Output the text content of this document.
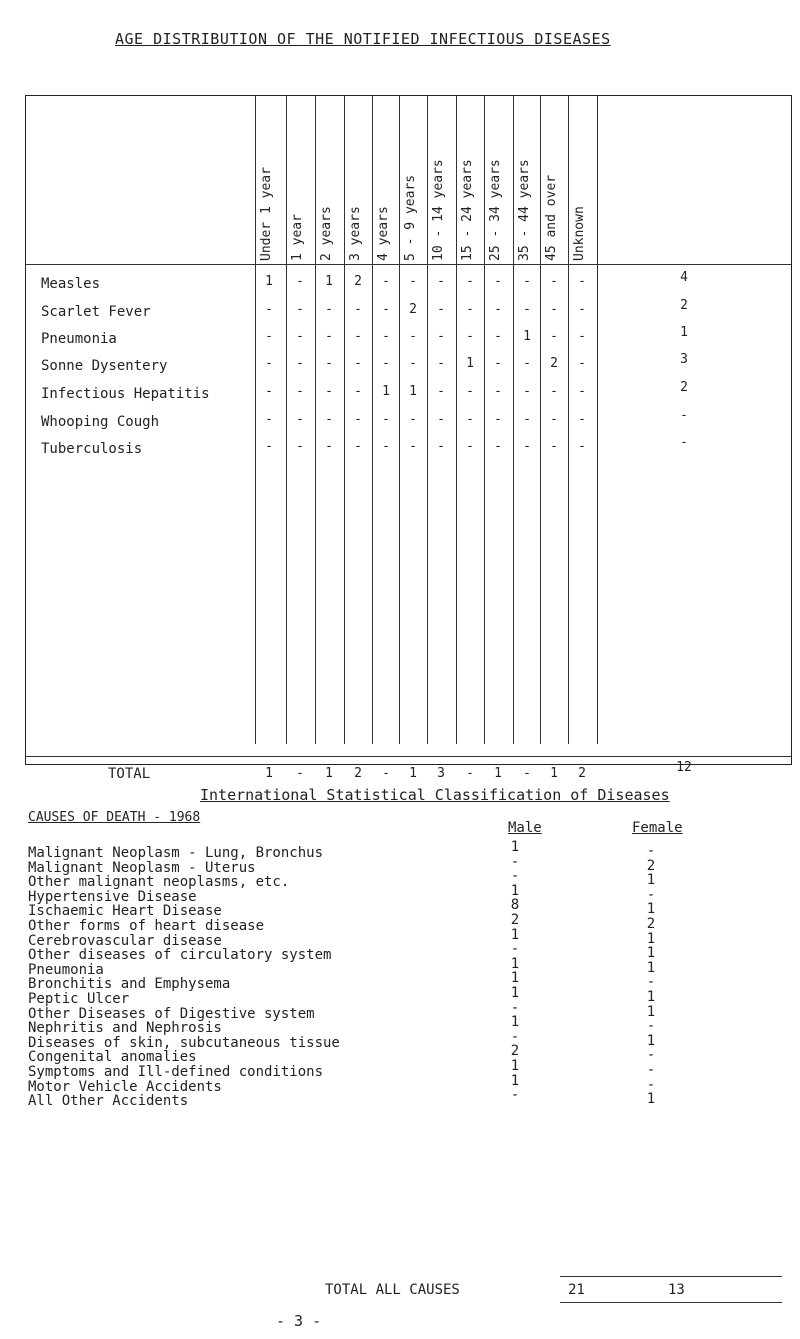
AGE DISTRIBUTION OF THE NOTIFIED INFECTIOUS DISEASES
TOTAL
Under 1 year	1 year	2 years	3 years	4 years 5 - 9 years	10 - 14 years	15 - 24 years	25 - 34 years	35 - 44 years 45 and over	Unknown
Measles	1	-	1	2	-	-	-	-	-	-	-	-	4
Scarlet Fever	-	-	-	-	-	2	-	-	-	-	-	-	2
Pneumonia	-	-	-	-	-	-	-	-	-	1	-	-	1
Sonne Dysentery	-	-	-	-	-	-	-	1	-	-	2	-	3
Infectious Hepatitis	-	-	-	-	1	1	-	-	-	-	-	-	2
Whooping Cough	-	-	-	-	-	-	-	-	-	-	-	-	-
Tuberculosis	-	-	-	-	-	-	-	-	-	-	-	-	-
1	-	1	2	-	1	3	-	1	-	1	2	12
International Statistical Classification of Diseases
CAUSES OF DEATH - 1968
Male	Female
Malignant Neoplasm - Lung, Bronchus	1	-
Malignant Neoplasm - Uterus	-	2
Other malignant neoplasms, etc.	-	1
Hypertensive Disease	1	-
Ischaemic Heart Disease	8	1
Other forms of heart disease	2	2
Cerebrovascular disease	1	1
Other diseases of circulatory system	-	1
Pneumonia	1	1
Bronchitis and Emphysema	1	-
Peptic Ulcer	1	1
Other Diseases of Digestive system	-	1
Nephritis and Nephrosis	1	-
Diseases of skin, subcutaneous tissue	-	1
Congenital anomalies	2	-
Symptoms and Ill-defined conditions	1	-
Motor Vehicle Accidents	1	-
All Other Accidents	-	1
TOTAL ALL CAUSES	21	13
- 3 -
